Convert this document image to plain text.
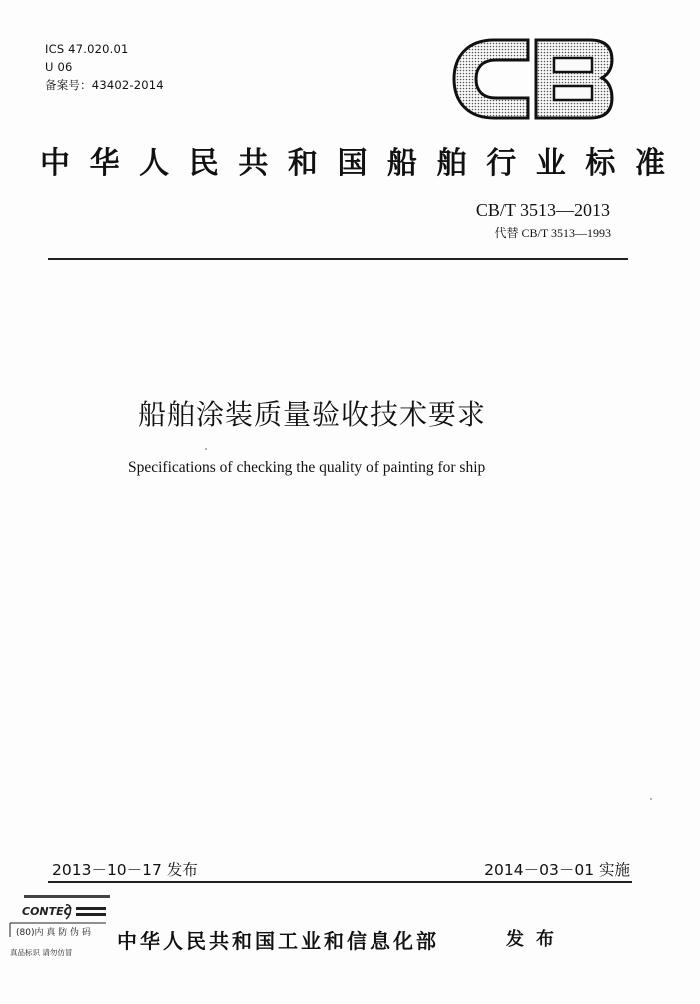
ICS 47.020.01
U 06
备案号：43402-2014
CB
中 华 人 民 共 和 国 船 舶 行 业 标 准
CB/T 3513—2013
代替 CB/T 3513—1993
船舶涂装质量验收技术要求
Specifications of checking the quality of painting for ship
2013－10－17 发布	2014－03－01 实施
CONTEC
(80)内 真 防 伪 码
真品标识 请勿仿冒 中华人民共和国工业和信息化部	发布
